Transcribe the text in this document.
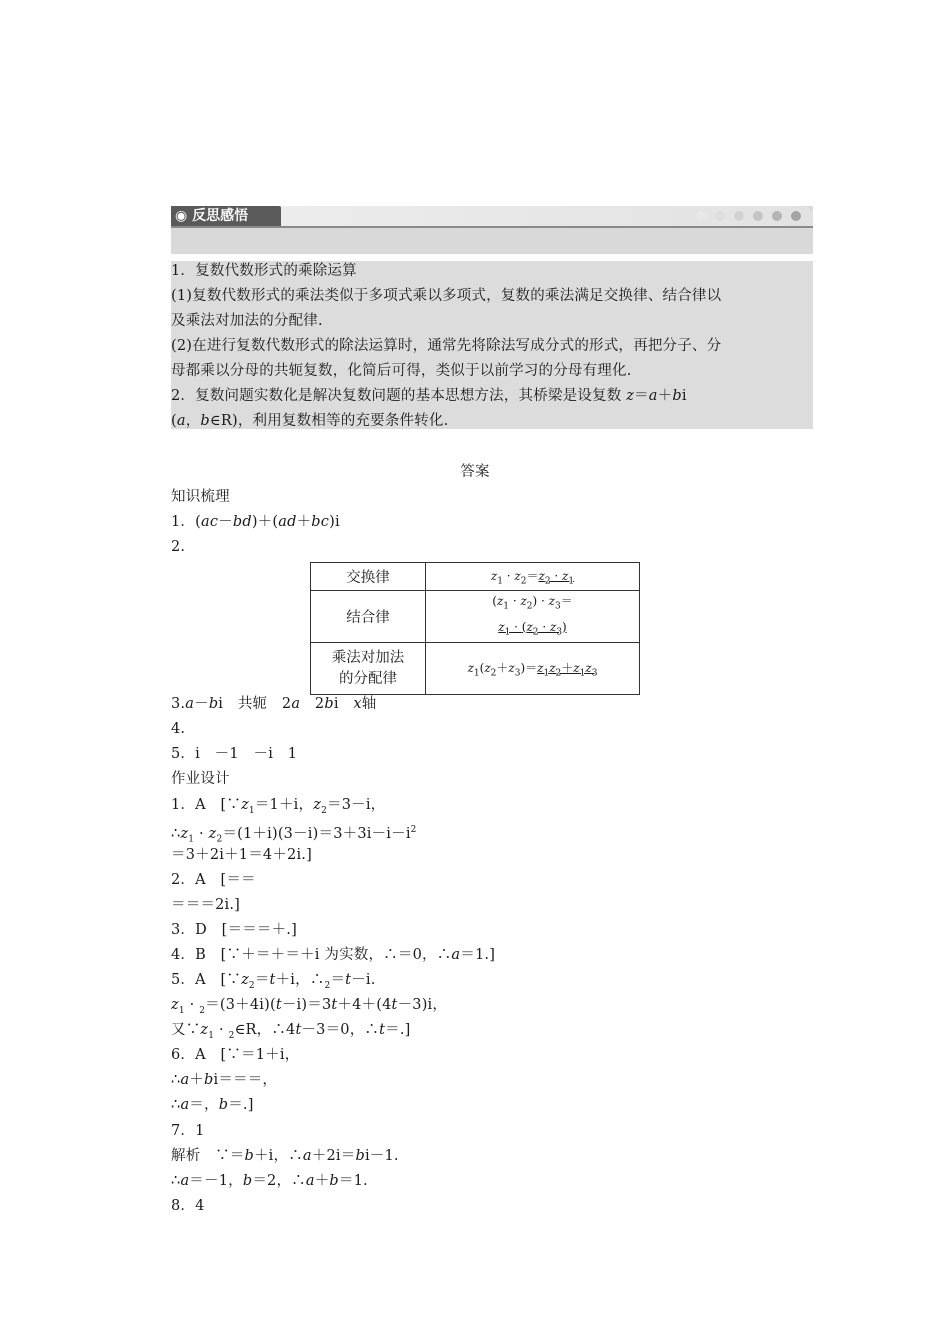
◉ 反思感悟
1．复数代数形式的乘除运算
(1)复数代数形式的乘法类似于多项式乘以多项式，复数的乘法满足交换律、结合律以
及乘法对加法的分配律.
(2)在进行复数代数形式的除法运算时，通常先将除法写成分式的形式，再把分子、分
母都乘以分母的共轭复数，化简后可得，类似于以前学习的分母有理化.
2．复数问题实数化是解决复数问题的基本思想方法，其桥梁是设复数 z＝a＋bi
(a，b∈R)，利用复数相等的充要条件转化.
答案
知识梳理
1．(ac－bd)＋(ad＋bc)i
2.
交换律	$z_1 \cdot z_2=z_2 \cdot z_1$
结合律	$(z_1 \cdot z_2) \cdot z_3=$
$z_1 \cdot (z_2 \cdot z_3)$

乘法对加法
的分配律	$z_1(z_2+z_3)=z_1z_2+z_1z_3$
3.a－bi　共轭　2a　2bi　x轴
4.
5．i　－1　－i　1
作业设计
1．A　[$\because z_1=1+i$，$z_2=3-i$，
$\therefore z_1 \cdot z_2=(1+i)(3-i)=3+3i-i-i^2$
＝3＋2i＋1＝4＋2i.]
2．A　[＝＝
＝＝＝2i.]
3．D　[＝＝＝＋.]
4．B　[∵＋＝＋＝＋i 为实数，∴＝0，∴a＝1.]
5．A　[$\because z_2=t+i$，$\therefore_2=t-i$.
$z_1 \cdot _2=(3+4i)(t-i)=3t+4+(4t-3)i$，
又$\because z_1$ · $_2$∈R，∴4t－3＝0，∴t＝.]
6．A　[∵＝1＋i，
∴a＋bi＝＝＝，
∴a＝，b＝.]
7．1
解析　∵＝b＋i，∴a＋2i＝bi－1.
∴a＝－1，b＝2，∴a＋b＝1.
8．4
